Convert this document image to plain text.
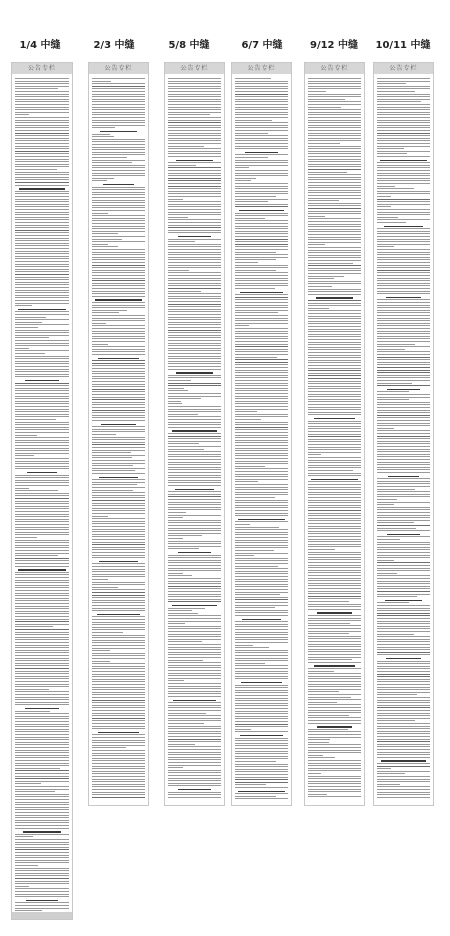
1/4 中缝	2/3 中缝	5/8 中缝	6/7 中缝	9/12 中缝 10/11 中缝
公告专栏	公告专栏	公告专栏	公告专栏	公告专栏	公告专栏
